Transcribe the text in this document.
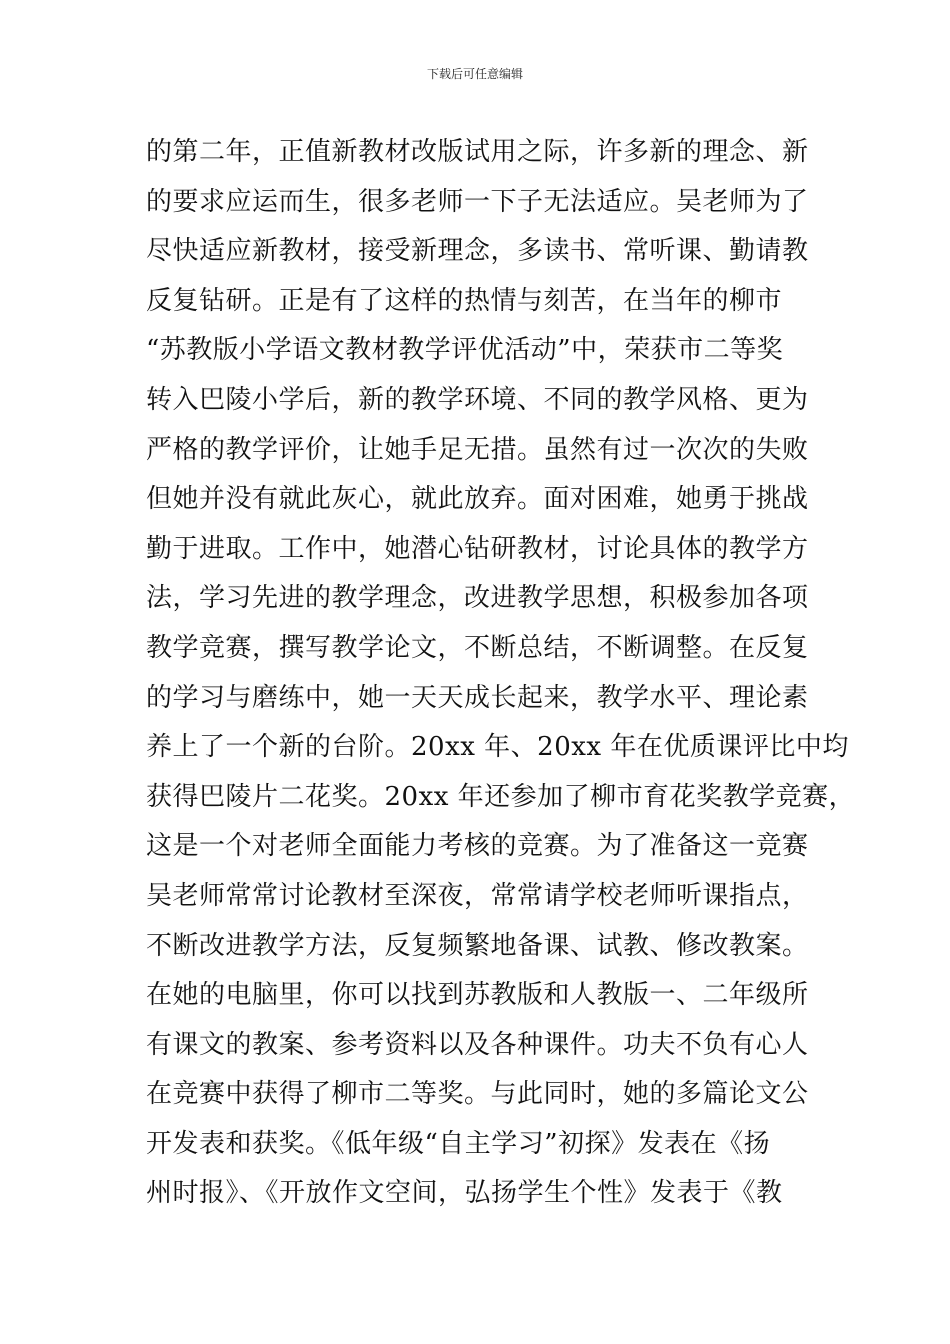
下载后可任意编辑
的第二年，正值新教材改版试用之际，许多新的理念、新
的要求应运而生，很多老师一下子无法适应。吴老师为了
尽快适应新教材，接受新理念，多读书、常听课、勤请教
反复钻研。正是有了这样的热情与刻苦，在当年的柳市
“苏教版小学语文教材教学评优活动”中，荣获市二等奖
转入巴陵小学后，新的教学环境、不同的教学风格、更为
严格的教学评价，让她手足无措。虽然有过一次次的失败
但她并没有就此灰心，就此放弃。面对困难，她勇于挑战
勤于进取。工作中，她潜心钻研教材，讨论具体的教学方
法，学习先进的教学理念，改进教学思想，积极参加各项
教学竞赛，撰写教学论文，不断总结，不断调整。在反复
的学习与磨练中，她一天天成长起来，教学水平、理论素
养上了一个新的台阶。20xx 年、20xx 年在优质课评比中均
获得巴陵片二花奖。20xx 年还参加了柳市育花奖教学竞赛，
这是一个对老师全面能力考核的竞赛。为了准备这一竞赛
吴老师常常讨论教材至深夜，常常请学校老师听课指点，
不断改进教学方法，反复频繁地备课、试教、修改教案。
在她的电脑里，你可以找到苏教版和人教版一、二年级所
有课文的教案、参考资料以及各种课件。功夫不负有心人
在竞赛中获得了柳市二等奖。与此同时，她的多篇论文公
开发表和获奖。《低年级“自主学习”初探》发表在《扬
州时报》、《开放作文空间，弘扬学生个性》发表于《教
